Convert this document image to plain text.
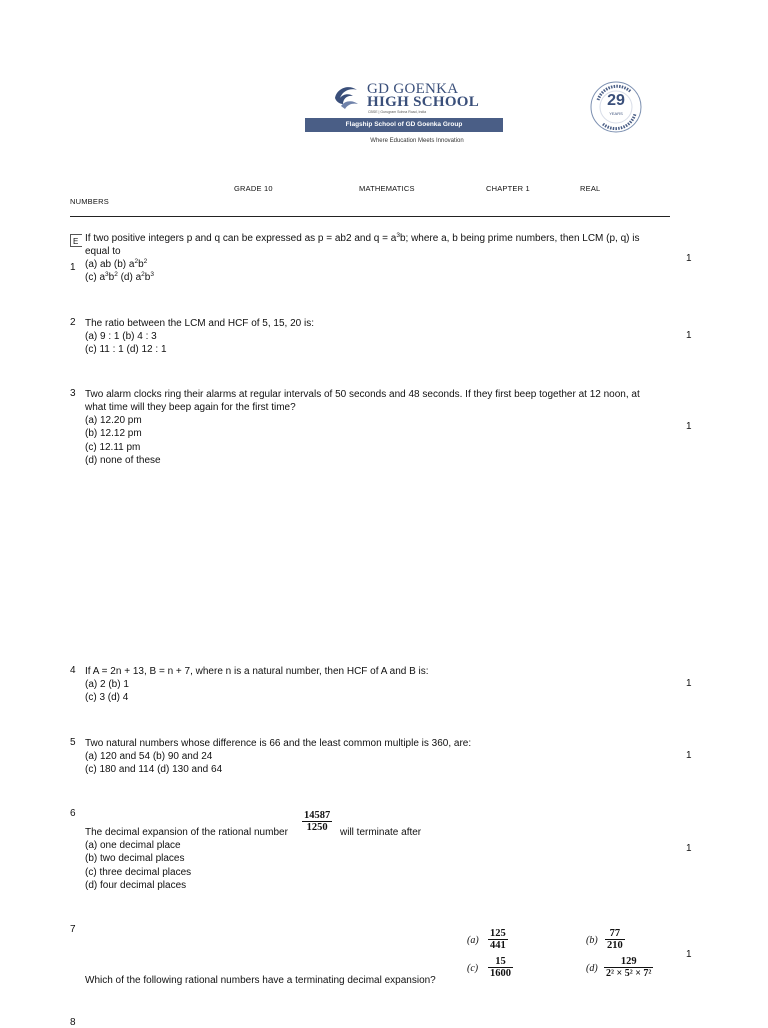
GD GOENKA
HIGH SCHOOL
CBSE | Gurugram Sohna Road, India
Flagship School of GD Goenka Group
Where Education Meets Innovation
29
YEARS
GRADE 10	MATHEMATICS	CHAPTER 1	REAL
NUMBERS
E If two positive integers p and q can be expressed as p = ab2 and $q = a^3b$; where a, b being prime numbers, then LCM (p, q) is
equal to
1 (a) ab (b) $a^2b^2$
(c) $a^3b^2$ (d) $a^2b^3$
1
2 The ratio between the LCM and HCF of 5, 15, 20 is:
(a) 9 : 1 (b) 4 : 3
(c) 11 : 1 (d) 12 : 1
1
3 Two alarm clocks ring their alarms at regular intervals of 50 seconds and 48 seconds. If they first beep together at 12 noon, at
what time will they beep again for the first time?
(a) 12.20 pm
(b) 12.12 pm
(c) 12.11 pm
(d) none of these
1
4 If A = 2n + 13, B = n + 7, where n is a natural number, then HCF of A and B is:
(a) 2 (b) 1
(c) 3 (d) 4
1
5 Two natural numbers whose difference is 66 and the least common multiple is 360, are:
(a) 120 and 54 (b) 90 and 24
(c) 180 and 114 (d) 130 and 64
1
6	$\frac{14587}{1250}$
The decimal expansion of the rational number	will terminate after
(a) one decimal place
(b) two decimal places
(c) three decimal places
(d) four decimal places
1
7
$(a) \frac{125}{441}$	$(b) \frac{77}{210}$
$(c) \frac{15}{1600}$	$(d) \frac{129}{\text{2² × 5² × 7²}}$
Which of the following rational numbers have a terminating decimal expansion?
1
8
